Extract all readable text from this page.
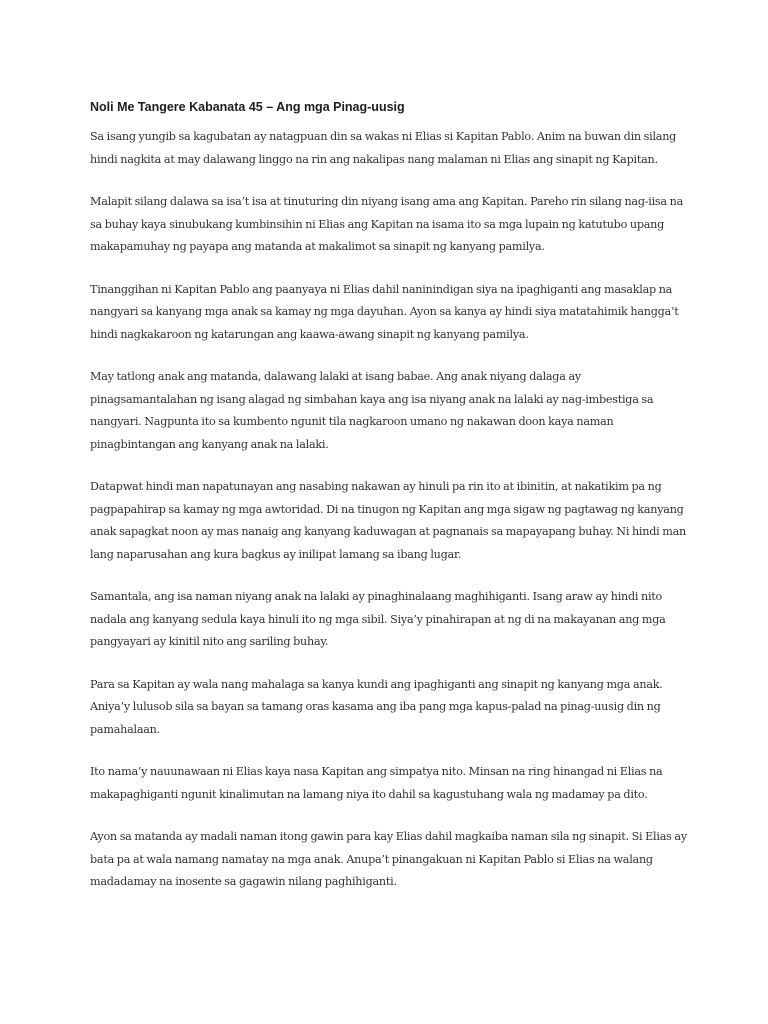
Noli Me Tangere Kabanata 45 – Ang mga Pinag-uusig

Sa isang yungib sa kagubatan ay natagpuan din sa wakas ni Elias si Kapitan Pablo. Anim na buwan din silang hindi nagkita at may dalawang linggo na rin ang nakalipas nang malaman ni Elias ang sinapit ng Kapitan.

Malapit silang dalawa sa isa’t isa at tinuturing din niyang isang ama ang Kapitan. Pareho rin silang nag-iisa na sa buhay kaya sinubukang kumbinsihin ni Elias ang Kapitan na isama ito sa mga lupain ng katutubo upang makapamuhay ng payapa ang matanda at makalimot sa sinapit ng kanyang pamilya.

Tinanggihan ni Kapitan Pablo ang paanyaya ni Elias dahil naninindigan siya na ipaghiganti ang masaklap na nangyari sa kanyang mga anak sa kamay ng mga dayuhan. Ayon sa kanya ay hindi siya matatahimik hangga’t hindi nagkakaroon ng katarungan ang kaawa-awang sinapit ng kanyang pamilya.

May tatlong anak ang matanda, dalawang lalaki at isang babae. Ang anak niyang dalaga ay pinagsamantalahan ng isang alagad ng simbahan kaya ang isa niyang anak na lalaki ay nag-imbestiga sa nangyari. Nagpunta ito sa kumbento ngunit tila nagkaroon umano ng nakawan doon kaya naman pinagbintangan ang kanyang anak na lalaki.

Datapwat hindi man napatunayan ang nasabing nakawan ay hinuli pa rin ito at ibinitin, at nakatikim pa ng pagpapahirap sa kamay ng mga awtoridad. Di na tinugon ng Kapitan ang mga sigaw ng pagtawag ng kanyang anak sapagkat noon ay mas nanaig ang kanyang kaduwagan at pagnanais sa mapayapang buhay. Ni hindi man lang naparusahan ang kura bagkus ay inilipat lamang sa ibang lugar.

Samantala, ang isa naman niyang anak na lalaki ay pinaghinalaang maghihiganti. Isang araw ay hindi nito nadala ang kanyang sedula kaya hinuli ito ng mga sibil. Siya’y pinahirapan at ng di na makayanan ang mga pangyayari ay kinitil nito ang sariling buhay.

Para sa Kapitan ay wala nang mahalaga sa kanya kundi ang ipaghiganti ang sinapit ng kanyang mga anak. Aniya’y lulusob sila sa bayan sa tamang oras kasama ang iba pang mga kapus-palad na pinag-uusig din ng pamahalaan.

Ito nama’y nauunawaan ni Elias kaya nasa Kapitan ang simpatya nito. Minsan na ring hinangad ni Elias na makapaghiganti ngunit kinalimutan na lamang niya ito dahil sa kagustuhang wala ng madamay pa dito.

Ayon sa matanda ay madali naman itong gawin para kay Elias dahil magkaiba naman sila ng sinapit. Si Elias ay bata pa at wala namang namatay na mga anak. Anupa’t pinangakuan ni Kapitan Pablo si Elias na walang madadamay na inosente sa gagawin nilang paghihiganti.
